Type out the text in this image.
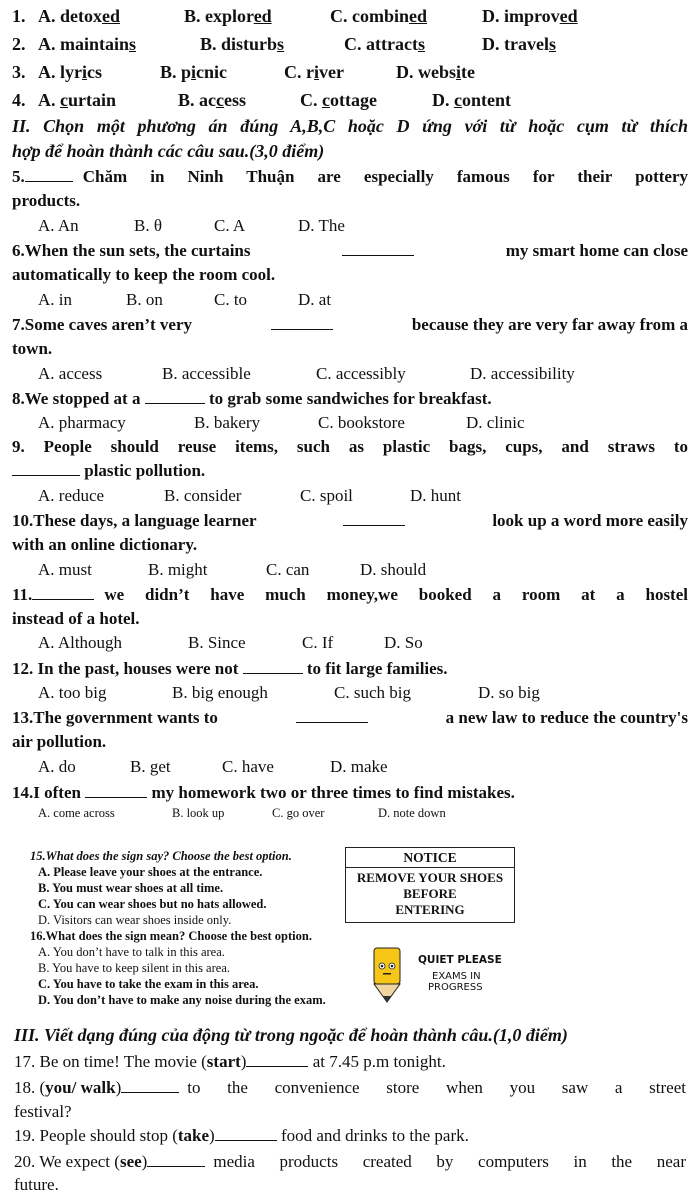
1. A. detoxed	B. explored	C. combined	D. improved
2. A. maintains	B. disturbs	C. attracts	D. travels
3. A. lyrics	B. picnic	C. river	D. website
4. A. curtain	B. access	C. cottage	D. content
II. Chọn một phương án đúng A,B,C hoặc D ứng với từ hoặc cụm từ thích
hợp để hoàn thành các câu sau.(3,0 điểm)
5.	Chăm in Ninh Thuận are especially famous for their pottery
products.
A. An	B. θ	C. A	D. The
6.When the sun sets, the curtains	my smart home can close
automatically to keep the room cool.
A. in	B. on	C. to	D. at
7.Some caves aren’t very	because they are very far away from a
town.
A. access	B. accessible	C. accessibly	D. accessibility
8.We stopped at a	to grab some sandwiches for breakfast.
A. pharmacy	B. bakery	C. bookstore	D. clinic
9. People should reuse items, such as plastic bags, cups, and straws to
plastic pollution.
A. reduce	B. consider	C. spoil	D. hunt
10.These days, a language learner	look up a word more easily
with an online dictionary.
A. must	B. might	C. can	D. should
11.	we didn’t have much money,we booked a room at a hostel
instead of a hotel.
A. Although	B. Since	C. If	D. So
12. In the past, houses were not	to fit large families.
A. too big	B. big enough	C. such big	D. so big
13.The government wants to	a new law to reduce the country's
air pollution.
A. do	B. get	C. have	D. make
14.I often	my homework two or three times to find mistakes.
A. come across	B. look up	C. go over	D. note down
15.What does the sign say? Choose the best option.
A. Please leave your shoes at the entrance.
B. You must wear shoes at all time.
C. You can wear shoes but no hats allowed.
D. Visitors can wear shoes inside only.
NOTICE
REMOVE YOUR SHOES
BEFORE
ENTERING
16.What does the sign mean? Choose the best option.
A. You don’t have to talk in this area.
B. You have to keep silent in this area.
C. You have to take the exam in this area.
D. You don’t have to make any noise during the exam.
QUIET PLEASE
EXAMS IN
PROGRESS
III. Viết dạng đúng của động từ trong ngoặc để hoàn thành câu.(1,0 điểm)
17. Be on time! The movie (start)	at 7.45 p.m tonight.
18. (you/ walk)	to the convenience store when you saw a street
festival?
19. People should stop (take)	food and drinks to the park.
20. We expect (see)	media products created by computers in the near
future.
